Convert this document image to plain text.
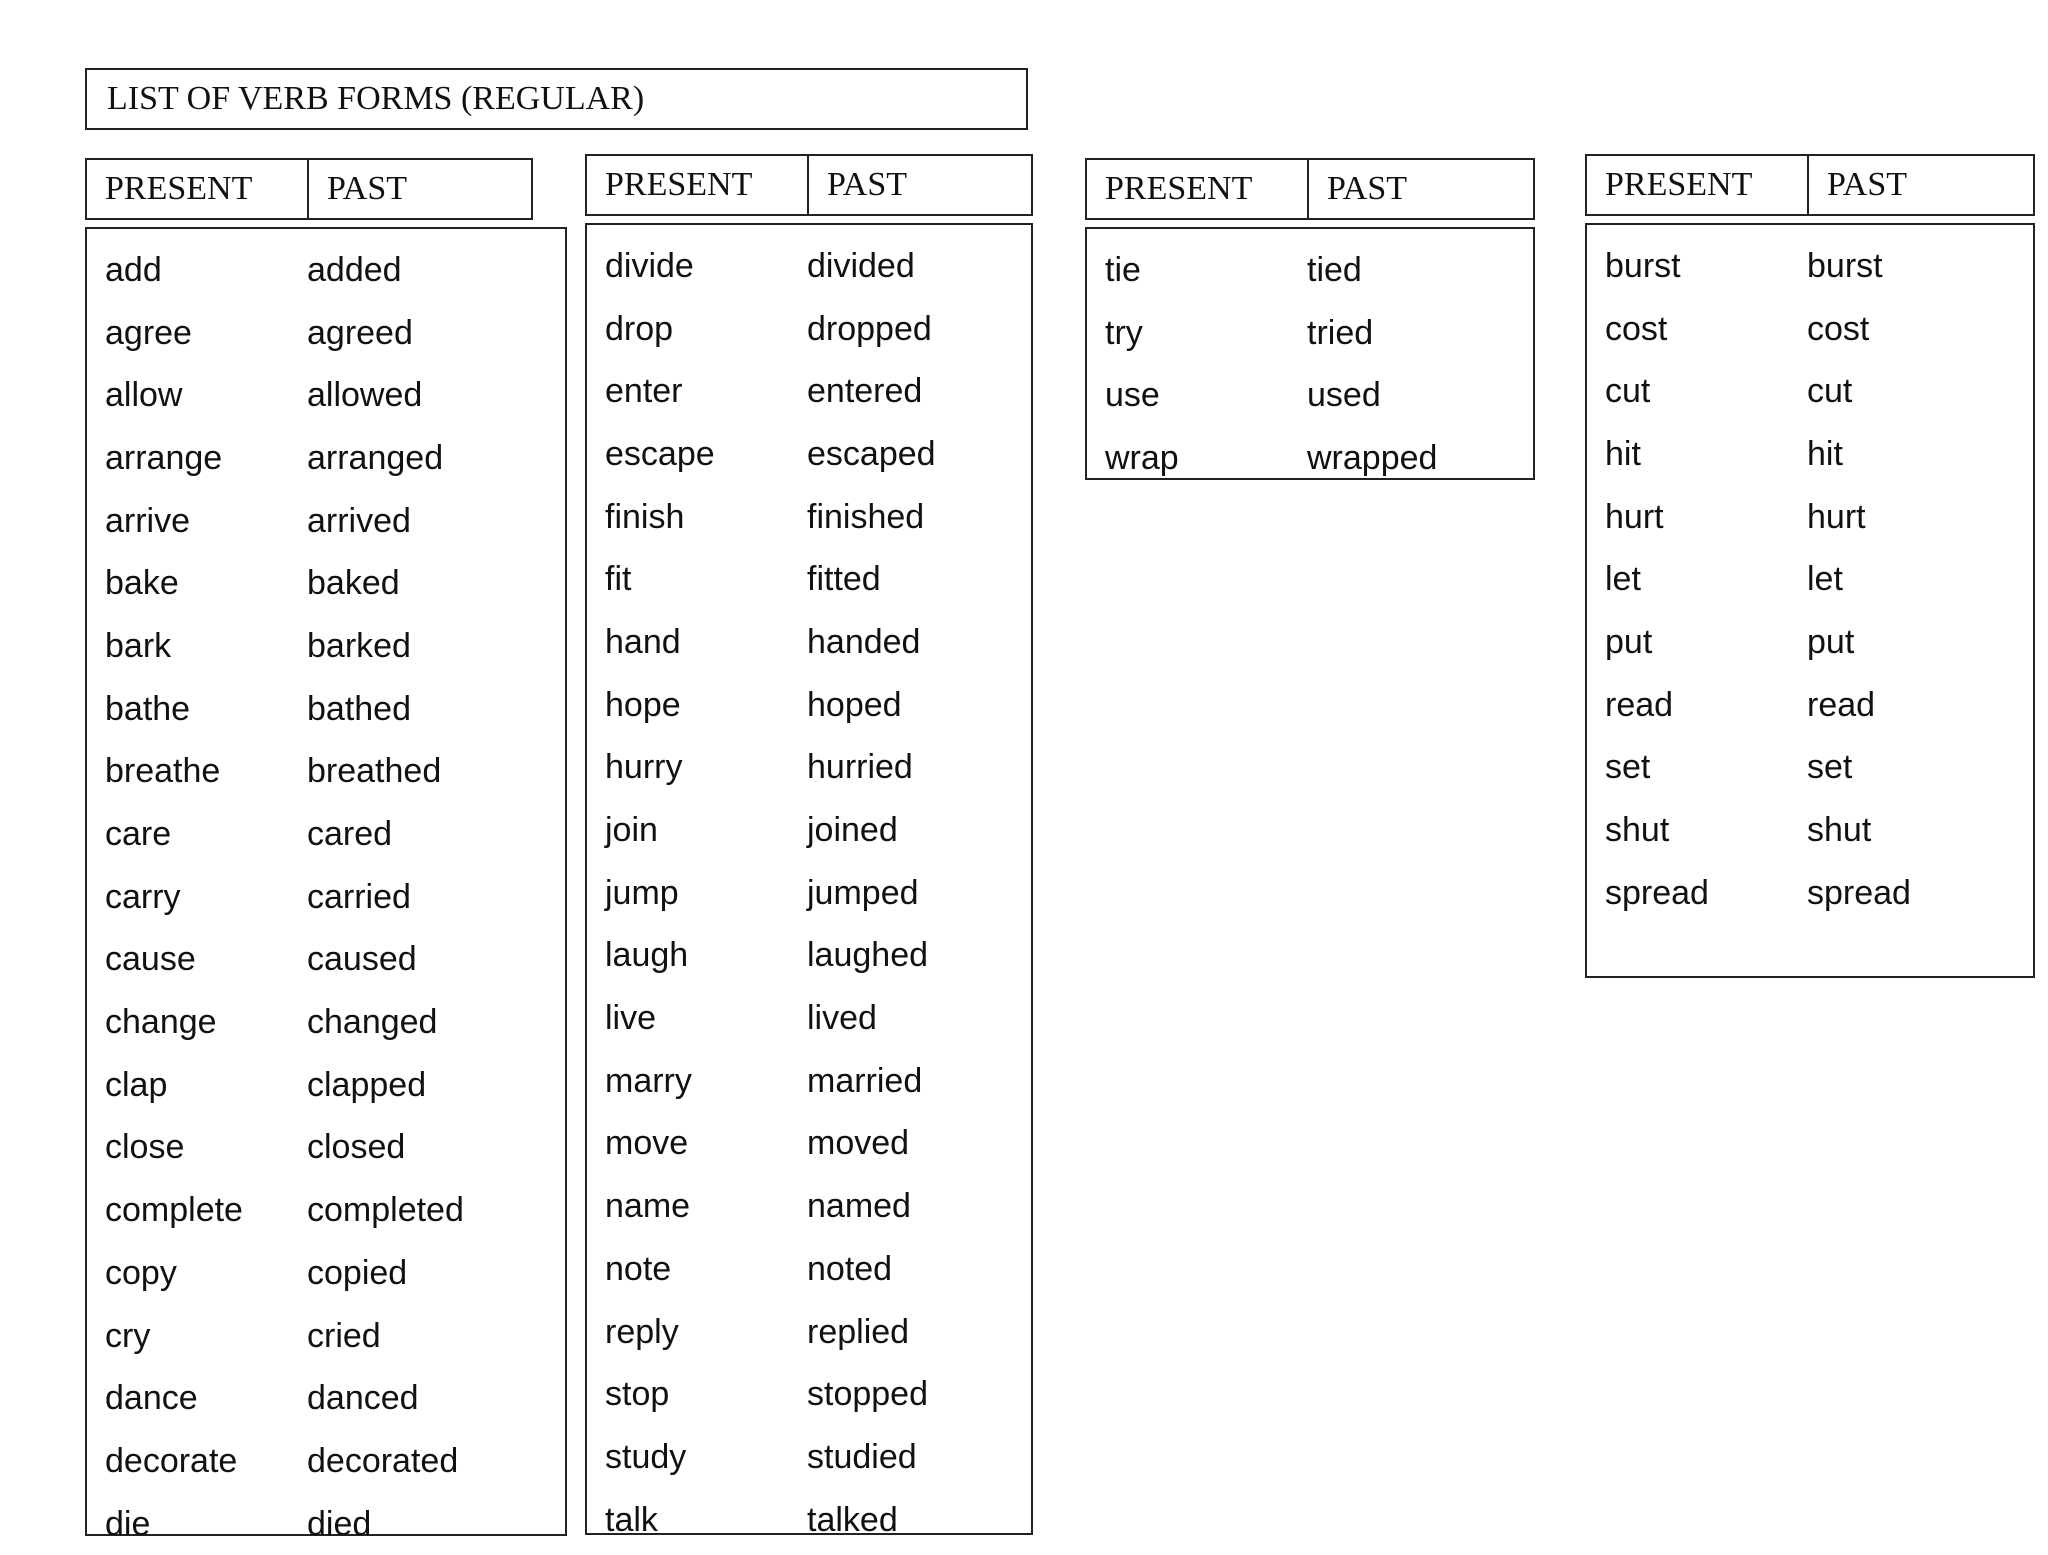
LIST OF VERB FORMS (REGULAR)
PRESENT	PAST
add	added
agree	agreed
allow	allowed
arrange	arranged
arrive	arrived
bake	baked
bark	barked
bathe	bathed
breathe	breathed
care	cared
carry	carried
cause	caused
change	changed
clap	clapped
close	closed
complete	completed
copy	copied
cry	cried
dance	danced
decorate	decorated
die	died
PRESENT	PAST
divide	divided
drop	dropped
enter	entered
escape	escaped
finish	finished
fit	fitted
hand	handed
hope	hoped
hurry	hurried
join	joined
jump	jumped
laugh	laughed
live	lived
marry	married
move	moved
name	named
note	noted
reply	replied
stop	stopped
study	studied
talk	talked
PRESENT	PAST
tie	tied
try	tried
use	used
wrap	wrapped
PRESENT	PAST
burst	burst
cost	cost
cut	cut
hit	hit
hurt	hurt
let	let
put	put
read	read
set	set
shut	shut
spread	spread
